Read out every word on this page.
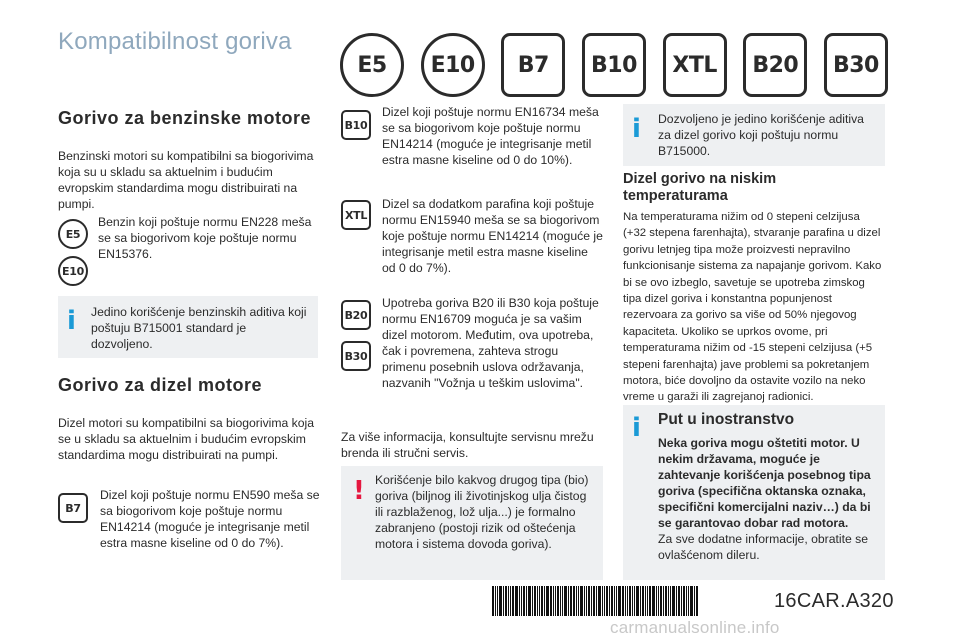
Kompatibilnost goriva
E5	E10	B7	B10	XTL	B20	B30
Gorivo za benzinske motore
Benzinski motori su kompatibilni sa biogorivima koja su u skladu sa aktuelnim i budućim evropskim standardima mogu distribuirati na pumpi.
E5
E10
Benzin koji poštuje normu EN228 meša se sa biogorivom koje poštuje normu EN15376.
i Jedino korišćenje benzinskih aditiva koji poštuju B715001 standard je dozvoljeno.
Gorivo za dizel motore
Dizel motori su kompatibilni sa biogorivima koja se u skladu sa aktuelnim i budućim evropskim standardima mogu distribuirati na pumpi.
B7
Dizel koji poštuje normu EN590 meša se sa biogorivom koje poštuje normu EN14214 (moguće je integrisanje metil estra masne kiseline od 0 do 7%).
B10
Dizel koji poštuje normu EN16734 meša se sa biogorivom koje poštuje normu EN14214 (moguće je integrisanje metil estra masne kiseline od 0 do 10%).
XTL
Dizel sa dodatkom parafina koji poštuje normu EN15940 meša se sa biogorivom koje poštuje normu EN14214 (moguće je integrisanje metil estra masne kiseline od 0 do 7%).
B20
B30
Upotreba goriva B20 ili B30 koja poštuje normu EN16709 moguća je sa vašim dizel motorom. Međutim, ova upotreba, čak i povremena, zahteva strogu primenu posebnih uslova održavanja, nazvanih "Vožnja u teškim uslovima".
Za više informacija, konsultujte servisnu mrežu brenda ili stručni servis.
! Korišćenje bilo kakvog drugog tipa (bio) goriva (biljnog ili životinjskog ulja čistog ili razblaženog, lož ulja...) je formalno zabranjeno (postoji rizik od oštećenja motora i sistema dovoda goriva).
i Dozvoljeno je jedino korišćenje aditiva za dizel gorivo koji poštuju normu B715000.
Dizel gorivo na niskim
temperaturama
Na temperaturama nižim od 0 stepeni celzijusa (+32 stepena farenhajta), stvaranje parafina u dizel gorivu letnjeg tipa može proizvesti nepravilno funkcionisanje sistema za napajanje gorivom. Kako bi se ovo izbeglo, savetuje se upotreba zimskog tipa dizel goriva i konstantna popunjenost rezervoara za gorivo sa više od 50% njegovog kapaciteta. Ukoliko se uprkos ovome, pri temperaturama nižim od -15 stepeni celzijusa (+5 stepeni farenhajta) jave problemi sa pokretanjem motora, biće dovoljno da ostavite vozilo na neko vreme u garaži ili zagrejanoj radionici.
i Put u inostranstvo
Neka goriva mogu oštetiti motor. U nekim državama, moguće je zahtevanje korišćenja posebnog tipa goriva (specifična oktanska oznaka, specifični komercijalni naziv…) da bi se garantovao dobar rad motora.
Za sve dodatne informacije, obratite se ovlašćenom dileru.
16CAR.A320
carmanualsonline.info
